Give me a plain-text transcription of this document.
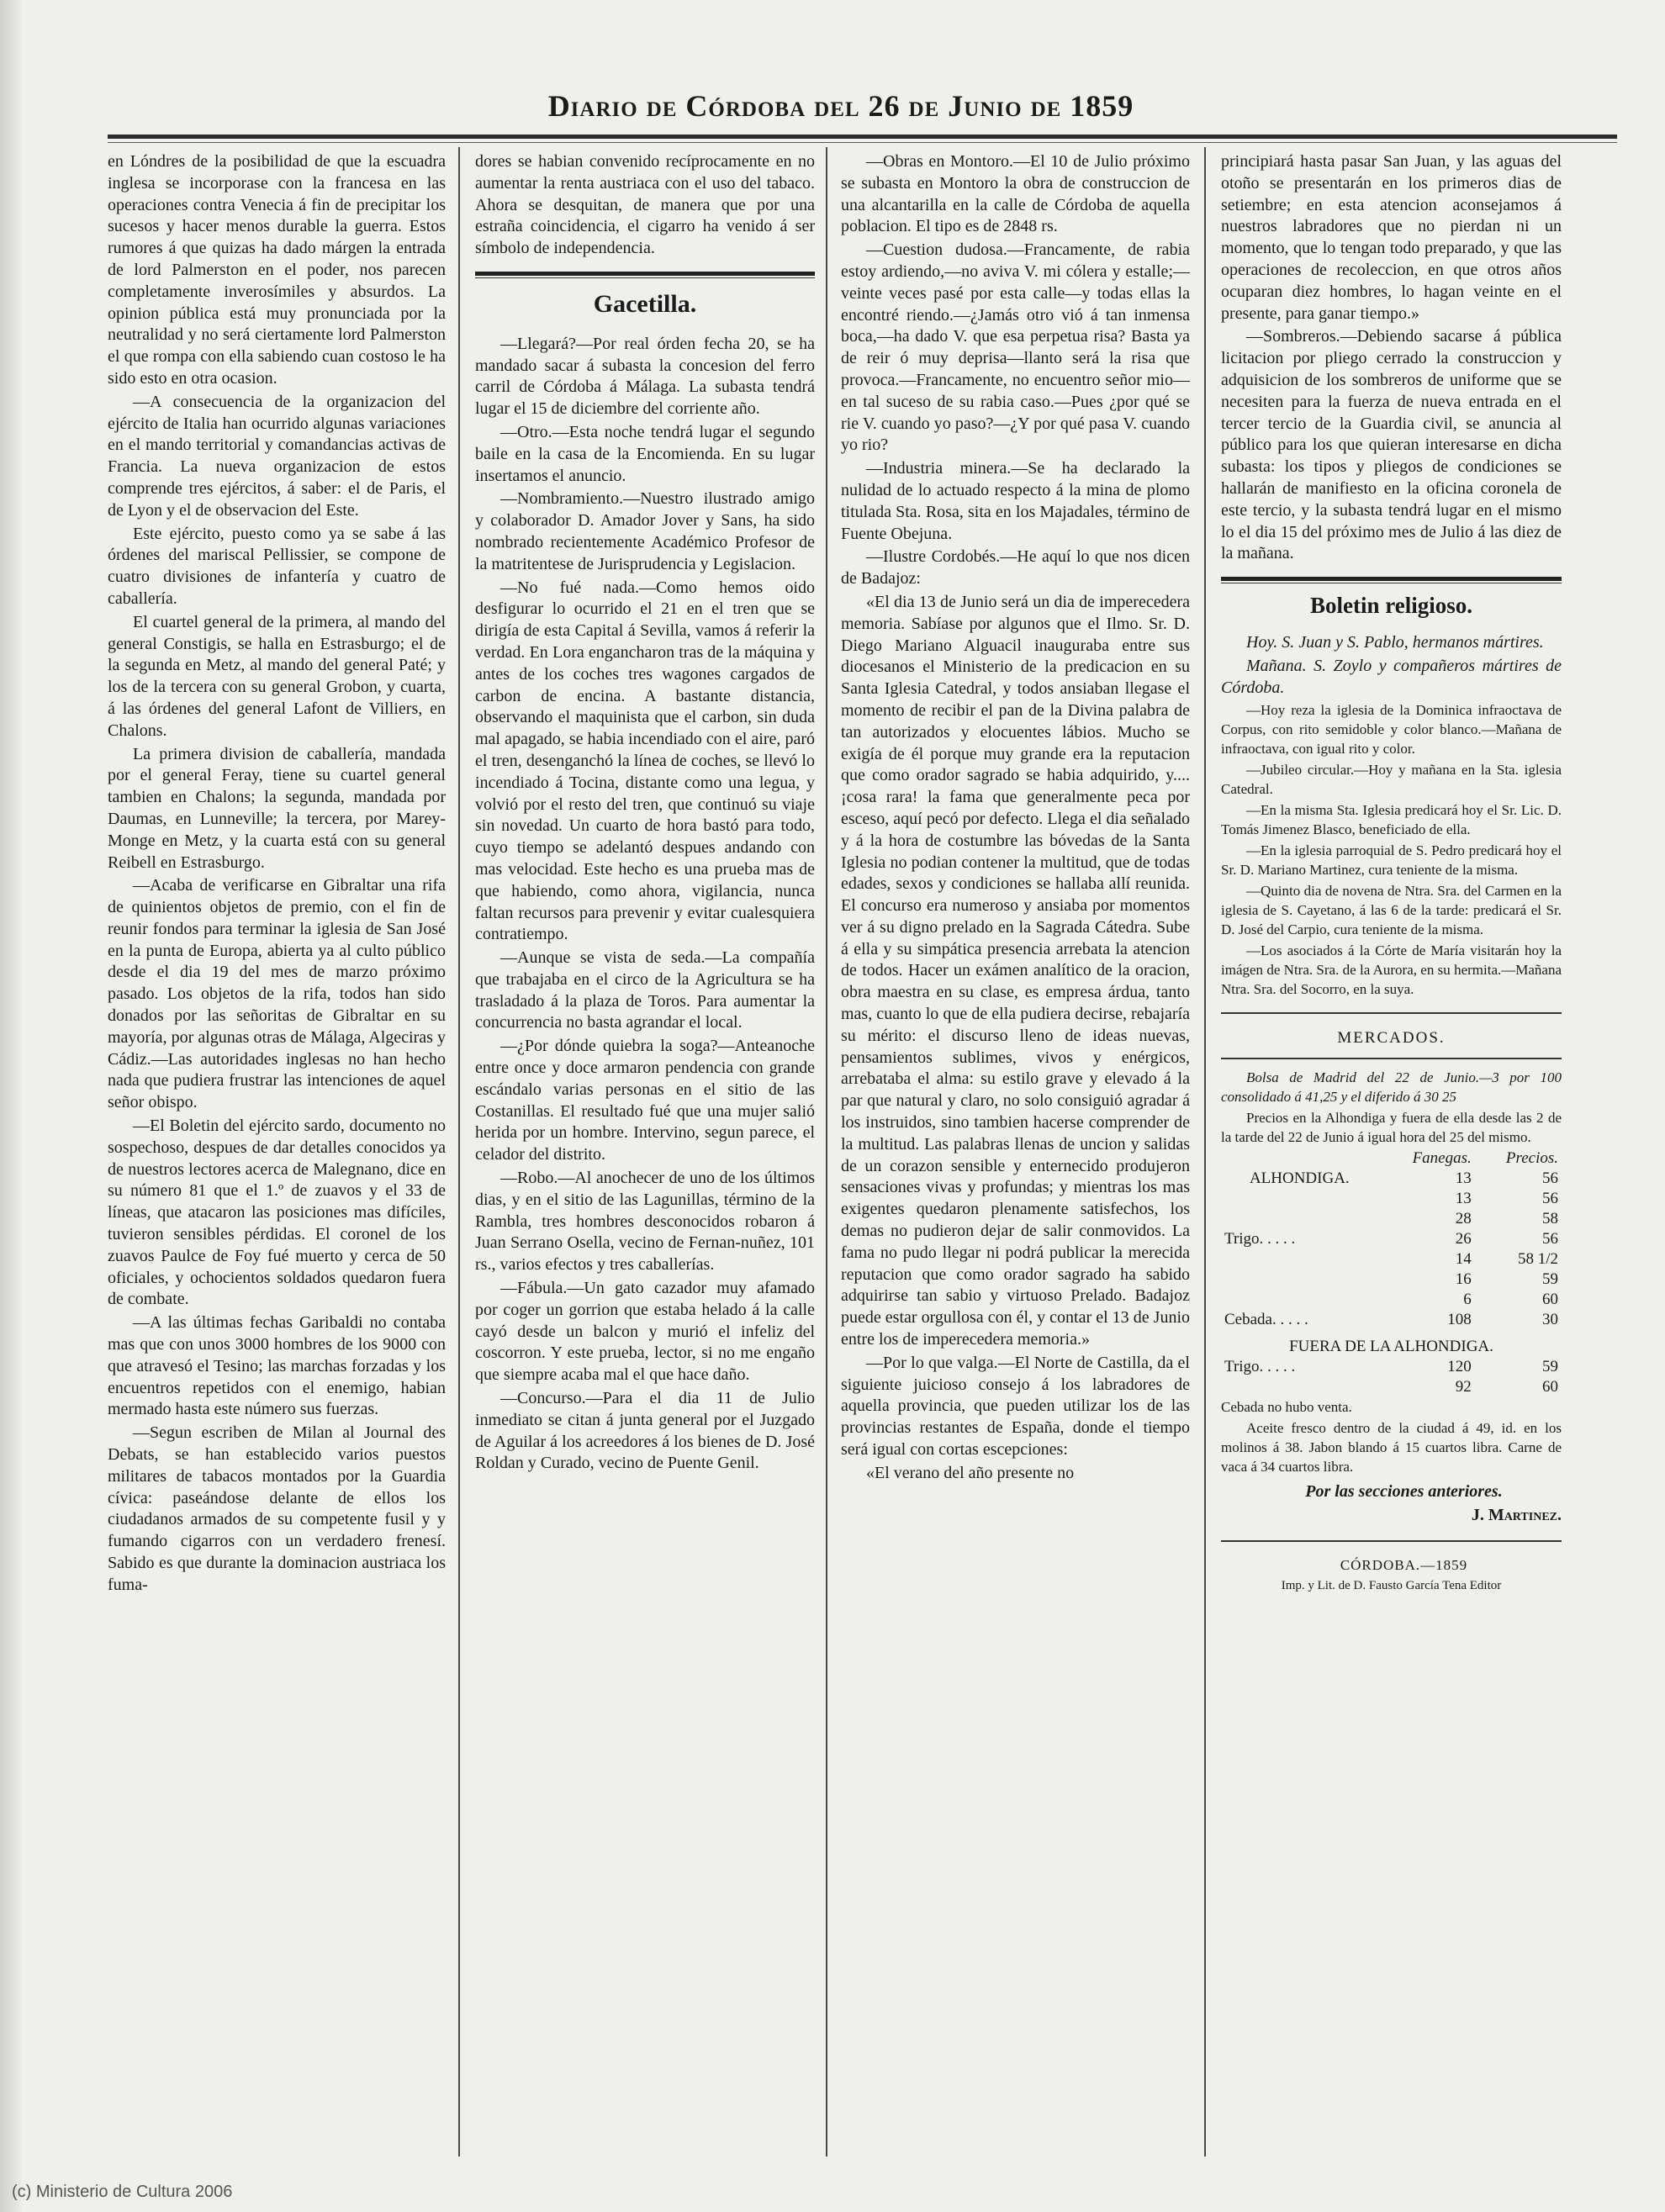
Diario de Córdoba del 26 de Junio de 1859

en Lóndres de la posibilidad de que la escuadra inglesa se incorporase con la francesa en las operaciones contra Venecia á fin de precipitar los sucesos y hacer menos durable la guerra. Estos rumores á que quizas ha dado márgen la entrada de lord Palmerston en el poder, nos parecen completamente inverosímiles y absurdos. La opinion pública está muy pronunciada por la neutralidad y no será ciertamente lord Palmerston el que rompa con ella sabiendo cuan costoso le ha sido esto en otra ocasion.

—A consecuencia de la organizacion del ejército de Italia han ocurrido algunas variaciones en el mando territorial y comandancias activas de Francia. La nueva organizacion de estos comprende tres ejércitos, á saber: el de Paris, el de Lyon y el de observacion del Este.

Este ejército, puesto como ya se sabe á las órdenes del mariscal Pellissier, se compone de cuatro divisiones de infantería y cuatro de caballería.

El cuartel general de la primera, al mando del general Constigis, se halla en Estrasburgo; el de la segunda en Metz, al mando del general Paté; y los de la tercera con su general Grobon, y cuarta, á las órdenes del general Lafont de Villiers, en Chalons.

La primera division de caballería, mandada por el general Feray, tiene su cuartel general tambien en Chalons; la segunda, mandada por Daumas, en Lunneville; la tercera, por Marey-Monge en Metz, y la cuarta está con su general Reibell en Estrasburgo.

—Acaba de verificarse en Gibraltar una rifa de quinientos objetos de premio, con el fin de reunir fondos para terminar la iglesia de San José en la punta de Europa, abierta ya al culto público desde el dia 19 del mes de marzo próximo pasado. Los objetos de la rifa, todos han sido donados por las señoritas de Gibraltar en su mayoría, por algunas otras de Málaga, Algeciras y Cádiz.—Las autoridades inglesas no han hecho nada que pudiera frustrar las intenciones de aquel señor obispo.

—El Boletin del ejército sardo, documento no sospechoso, despues de dar detalles conocidos ya de nuestros lectores acerca de Malegnano, dice en su número 81 que el 1.º de zuavos y el 33 de líneas, que atacaron las posiciones mas difíciles, tuvieron sensibles pérdidas. El coronel de los zuavos Paulce de Foy fué muerto y cerca de 50 oficiales, y ochocientos soldados quedaron fuera de combate.

—A las últimas fechas Garibaldi no contaba mas que con unos 3000 hombres de los 9000 con que atravesó el Tesino; las marchas forzadas y los encuentros repetidos con el enemigo, habian mermado hasta este número sus fuerzas.

—Segun escriben de Milan al Journal des Debats, se han establecido varios puestos militares de tabacos montados por la Guardia cívica: paseándose delante de ellos los ciudadanos armados de su competente fusil y y fumando cigarros con un verdadero frenesí. Sabido es que durante la dominacion austriaca los fuma-

dores se habian convenido recíprocamente en no aumentar la renta austriaca con el uso del tabaco. Ahora se desquitan, de manera que por una estraña coincidencia, el cigarro ha venido á ser símbolo de independencia.

Gacetilla.

—Llegará?—Por real órden fecha 20, se ha mandado sacar á subasta la concesion del ferro carril de Córdoba á Málaga. La subasta tendrá lugar el 15 de diciembre del corriente año.

—Otro.—Esta noche tendrá lugar el segundo baile en la casa de la Encomienda. En su lugar insertamos el anuncio.

—Nombramiento.—Nuestro ilustrado amigo y colaborador D. Amador Jover y Sans, ha sido nombrado recientemente Académico Profesor de la matritentese de Jurisprudencia y Legislacion.

—No fué nada.—Como hemos oido desfigurar lo ocurrido el 21 en el tren que se dirigía de esta Capital á Sevilla, vamos á referir la verdad. En Lora engancharon tras de la máquina y antes de los coches tres wagones cargados de carbon de encina. A bastante distancia, observando el maquinista que el carbon, sin duda mal apagado, se habia incendiado con el aire, paró el tren, desenganchó la línea de coches, se llevó lo incendiado á Tocina, distante como una legua, y volvió por el resto del tren, que continuó su viaje sin novedad. Un cuarto de hora bastó para todo, cuyo tiempo se adelantó despues andando con mas velocidad. Este hecho es una prueba mas de que habiendo, como ahora, vigilancia, nunca faltan recursos para prevenir y evitar cualesquiera contratiempo.

—Aunque se vista de seda.—La compañía que trabajaba en el circo de la Agricultura se ha trasladado á la plaza de Toros. Para aumentar la concurrencia no basta agrandar el local.

—¿Por dónde quiebra la soga?—Anteanoche entre once y doce armaron pendencia con grande escándalo varias personas en el sitio de las Costanillas. El resultado fué que una mujer salió herida por un hombre. Intervino, segun parece, el celador del distrito.

—Robo.—Al anochecer de uno de los últimos dias, y en el sitio de las Lagunillas, término de la Rambla, tres hombres desconocidos robaron á Juan Serrano Osella, vecino de Fernan-nuñez, 101 rs., varios efectos y tres caballerías.

—Fábula.—Un gato cazador muy afamado por coger un gorrion que estaba helado á la calle cayó desde un balcon y murió el infeliz del coscorron. Y este prueba, lector, si no me engaño que siempre acaba mal el que hace daño.

—Concurso.—Para el dia 11 de Julio inmediato se citan á junta general por el Juzgado de Aguilar á los acreedores á los bienes de D. José Roldan y Curado, vecino de Puente Genil.

—Obras en Montoro.—El 10 de Julio próximo se subasta en Montoro la obra de construccion de una alcantarilla en la calle de Córdoba de aquella poblacion. El tipo es de 2848 rs.

—Cuestion dudosa.—Francamente, de rabia estoy ardiendo,—no aviva V. mi cólera y estalle;—veinte veces pasé por esta calle—y todas ellas la encontré riendo.—¿Jamás otro vió á tan inmensa boca,—ha dado V. que esa perpetua risa? Basta ya de reir ó muy deprisa—llanto será la risa que provoca.—Francamente, no encuentro señor mio—en tal suceso de su rabia caso.—Pues ¿por qué se rie V. cuando yo paso?—¿Y por qué pasa V. cuando yo rio?

—Industria minera.—Se ha declarado la nulidad de lo actuado respecto á la mina de plomo titulada Sta. Rosa, sita en los Majadales, término de Fuente Obejuna.

—Ilustre Cordobés.—He aquí lo que nos dicen de Badajoz:

«El dia 13 de Junio será un dia de imperecedera memoria. Sabíase por algunos que el Ilmo. Sr. D. Diego Mariano Alguacil inauguraba entre sus diocesanos el Ministerio de la predicacion en su Santa Iglesia Catedral, y todos ansiaban llegase el momento de recibir el pan de la Divina palabra de tan autorizados y elocuentes lábios. Mucho se exigía de él porque muy grande era la reputacion que como orador sagrado se habia adquirido, y.... ¡cosa rara! la fama que generalmente peca por esceso, aquí pecó por defecto. Llega el dia señalado y á la hora de costumbre las bóvedas de la Santa Iglesia no podian contener la multitud, que de todas edades, sexos y condiciones se hallaba allí reunida. El concurso era numeroso y ansiaba por momentos ver á su digno prelado en la Sagrada Cátedra. Sube á ella y su simpática presencia arrebata la atencion de todos. Hacer un exámen analítico de la oracion, obra maestra en su clase, es empresa árdua, tanto mas, cuanto lo que de ella pudiera decirse, rebajaría su mérito: el discurso lleno de ideas nuevas, pensamientos sublimes, vivos y enérgicos, arrebataba el alma: su estilo grave y elevado á la par que natural y claro, no solo consiguió agradar á los instruidos, sino tambien hacerse comprender de la multitud. Las palabras llenas de uncion y salidas de un corazon sensible y enternecido produjeron sensaciones vivas y profundas; y mientras los mas exigentes quedaron plenamente satisfechos, los demas no pudieron dejar de salir conmovidos. La fama no pudo llegar ni podrá publicar la merecida reputacion que como orador sagrado ha sabido adquirirse tan sabio y virtuoso Prelado. Badajoz puede estar orgullosa con él, y contar el 13 de Junio entre los de imperecedera memoria.»

—Por lo que valga.—El Norte de Castilla, da el siguiente juicioso consejo á los labradores de aquella provincia, que pueden utilizar los de las provincias restantes de España, donde el tiempo será igual con cortas escepciones:

«El verano del año presente no

principiará hasta pasar San Juan, y las aguas del otoño se presentarán en los primeros dias de setiembre; en esta atencion aconsejamos á nuestros labradores que no pierdan ni un momento, que lo tengan todo preparado, y que las operaciones de recoleccion, en que otros años ocuparan diez hombres, lo hagan veinte en el presente, para ganar tiempo.»

—Sombreros.—Debiendo sacarse á pública licitacion por pliego cerrado la construccion y adquisicion de los sombreros de uniforme que se necesiten para la fuerza de nueva entrada en el tercer tercio de la Guardia civil, se anuncia al público para los que quieran interesarse en dicha subasta: los tipos y pliegos de condiciones se hallarán de manifiesto en la oficina coronela de este tercio, y la subasta tendrá lugar en el mismo lo el dia 15 del próximo mes de Julio á las diez de la mañana.

Boletin religioso.

Hoy. S. Juan y S. Pablo, hermanos mártires.

Mañana. S. Zoylo y compañeros mártires de Córdoba.

—Hoy reza la iglesia de la Dominica infraoctava de Corpus, con rito semidoble y color blanco.—Mañana de infraoctava, con igual rito y color.

—Jubileo circular.—Hoy y mañana en la Sta. iglesia Catedral.

—En la misma Sta. Iglesia predicará hoy el Sr. Lic. D. Tomás Jimenez Blasco, beneficiado de ella.

—En la iglesia parroquial de S. Pedro predicará hoy el Sr. D. Mariano Martinez, cura teniente de la misma.

—Quinto dia de novena de Ntra. Sra. del Carmen en la iglesia de S. Cayetano, á las 6 de la tarde: predicará el Sr. D. José del Carpio, cura teniente de la misma.

—Los asociados á la Córte de María visitarán hoy la imágen de Ntra. Sra. de la Aurora, en su hermita.—Mañana Ntra. Sra. del Socorro, en la suya.

MERCADOS.

Bolsa de Madrid del 22 de Junio.—3 por 100 consolidado á 41,25 y el diferido á 30 25

Precios en la Alhondiga y fuera de ella desde las 2 de la tarde del 22 de Junio á igual hora del 25 del mismo.

	Fanegas.	Precios.
ALHONDIGA.	13	56
	13	56
	28	58
Trigo. . . . .	26	56
	14	58 1/2
	16	59
	6	60
Cebada. . . . .	108	30
FUERA DE LA ALHONDIGA.		
Trigo. . . . .	120	59
	92	60

Cebada no hubo venta.

Aceite fresco dentro de la ciudad á 49, id. en los molinos á 38. Jabon blando á 15 cuartos libra. Carne de vaca á 34 cuartos libra.

Por las secciones anteriores.

J. Martinez.

CÓRDOBA.—1859

Imp. y Lit. de D. Fausto García Tena Editor

(c) Ministerio de Cultura 2006
